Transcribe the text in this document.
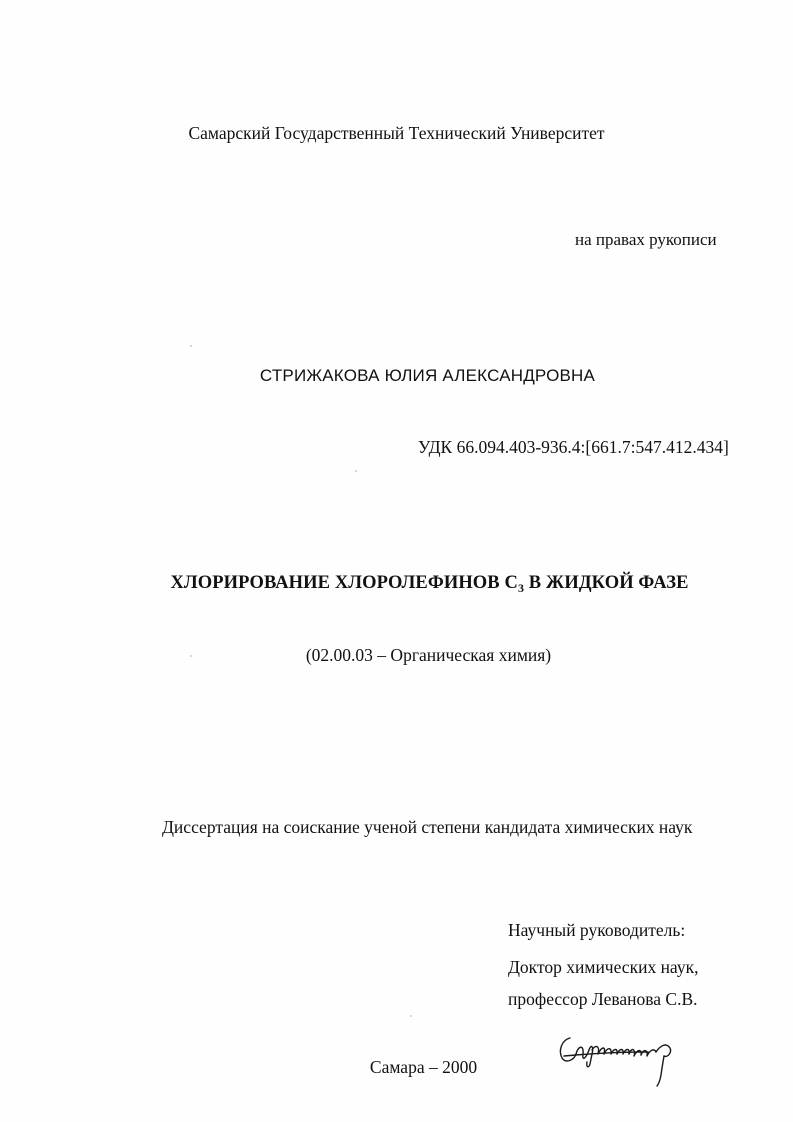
Самарский Государственный Технический Университет
на правах рукописи
СТРИЖАКОВА ЮЛИЯ АЛЕКСАНДРОВНА
УДК 66.094.403-936.4:[661.7:547.412.434]
ХЛОРИРОВАНИЕ ХЛОРОЛЕФИНОВ $С_3$ В ЖИДКОЙ ФАЗЕ
(02.00.03 – Органическая химия)
Диссертация на соискание ученой степени кандидата химических наук
Научный руководитель:
Доктор химических наук,
профессор Леванова С.В.
Самара – 2000
